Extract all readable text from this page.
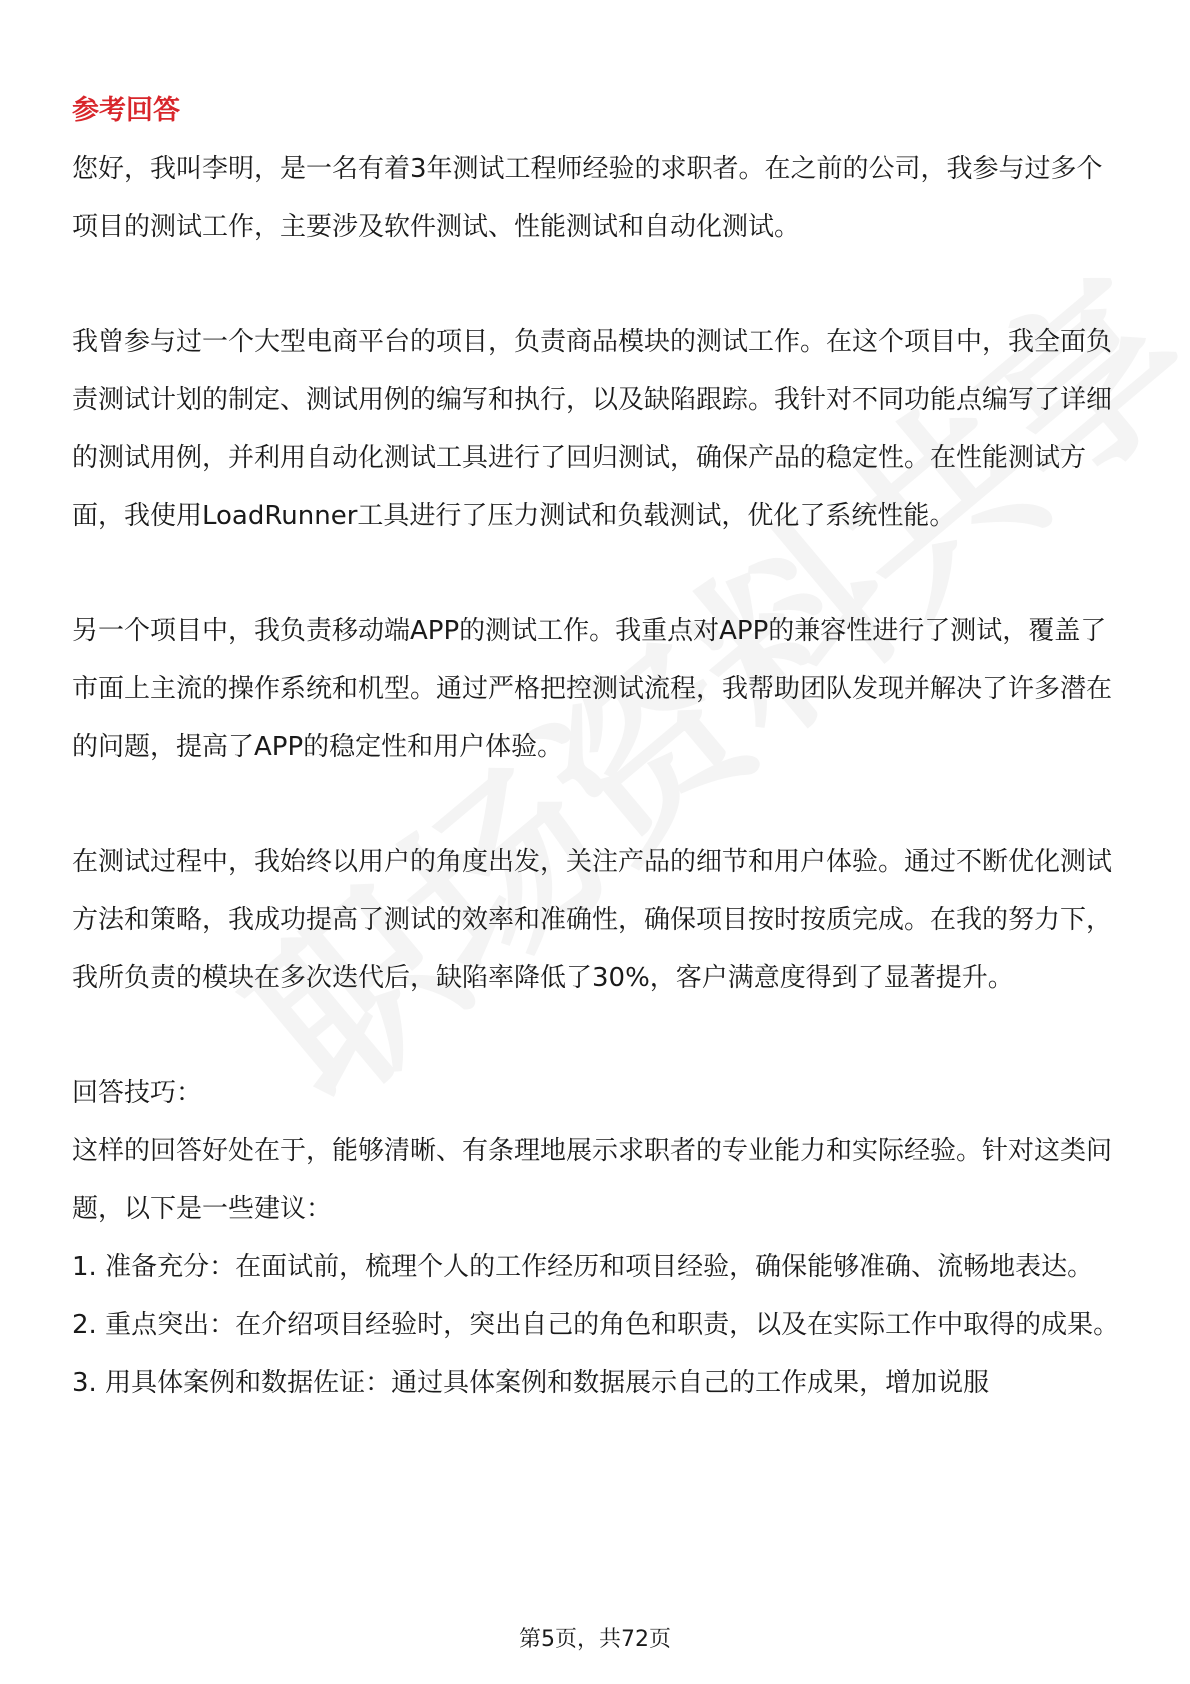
参考回答

您好，我叫李明，是一名有着3年测试工程师经验的求职者。在之前的公司，我参与过多个项目的测试工作，主要涉及软件测试、性能测试和自动化测试。

我曾参与过一个大型电商平台的项目，负责商品模块的测试工作。在这个项目中，我全面负责测试计划的制定、测试用例的编写和执行，以及缺陷跟踪。我针对不同功能点编写了详细的测试用例，并利用自动化测试工具进行了回归测试，确保产品的稳定性。在性能测试方面，我使用LoadRunner工具进行了压力测试和负载测试，优化了系统性能。

另一个项目中，我负责移动端APP的测试工作。我重点对APP的兼容性进行了测试，覆盖了市面上主流的操作系统和机型。通过严格把控测试流程，我帮助团队发现并解决了许多潜在的问题，提高了APP的稳定性和用户体验。

在测试过程中，我始终以用户的角度出发，关注产品的细节和用户体验。通过不断优化测试方法和策略，我成功提高了测试的效率和准确性，确保项目按时按质完成。在我的努力下，我所负责的模块在多次迭代后，缺陷率降低了30%，客户满意度得到了显著提升。

回答技巧：

这样的回答好处在于，能够清晰、有条理地展示求职者的专业能力和实际经验。针对这类问题，以下是一些建议：

1. 准备充分：在面试前，梳理个人的工作经历和项目经验，确保能够准确、流畅地表达。

2. 重点突出：在介绍项目经验时，突出自己的角色和职责，以及在实际工作中取得的成果。

3. 用具体案例和数据佐证：通过具体案例和数据展示自己的工作成果，增加说服

第5页，共72页
